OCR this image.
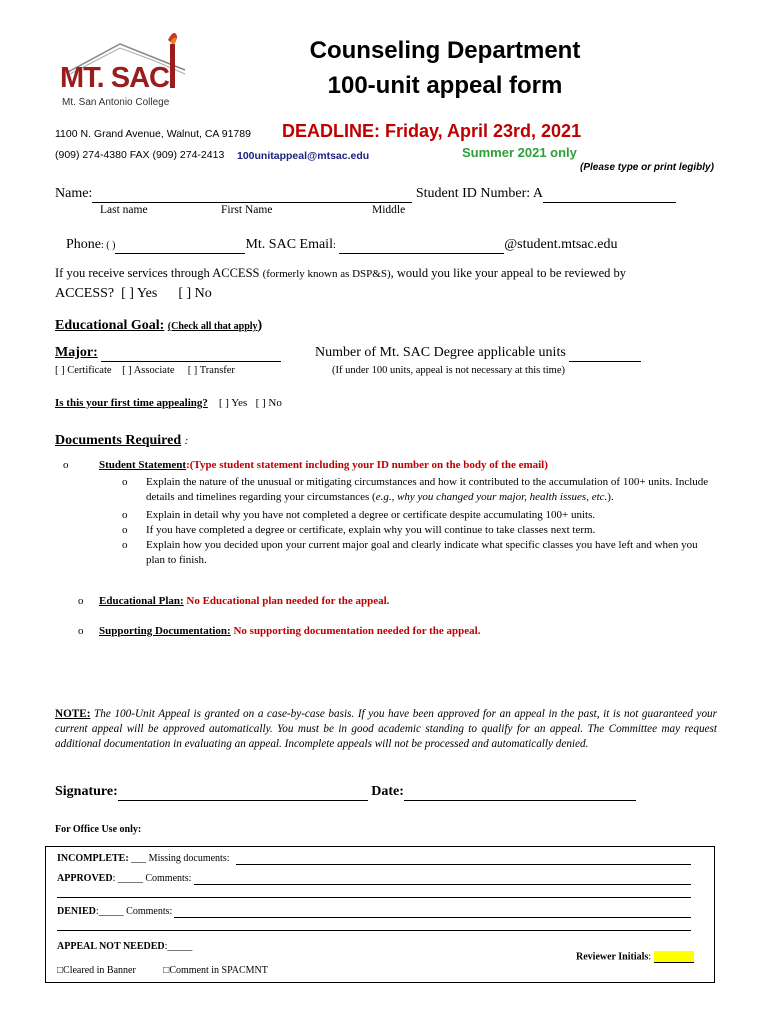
MT. SAC
Mt. San Antonio College
Counseling Department
100-unit appeal form
1100 N. Grand Avenue, Walnut, CA 91789
(909) 274-4380 FAX (909) 274-2413 100unitappeal@mtsac.edu
DEADLINE: Friday, April 23rd, 2021
Summer 2021 only
(Please type or print legibly)
Name:	Student ID Number: A
Last name	First Name	Middle
Phone: ( )	Mt. SAC Email:	@student.mtsac.edu
If you receive services through ACCESS (formerly known as DSP&S), would you like your appeal to be reviewed by
ACCESS? [ ] Yes [ ] No
Educational Goal: (Check all that apply)
Major:	Number of Mt. SAC Degree applicable units
[ ] Certificate [ ] Associate [ ] Transfer	(If under 100 units, appeal is not necessary at this time)
Is this your first time appealing? [ ] Yes [ ] No
Documents Required :
o	Student Statement:(Type student statement including your ID number on the body of the email)
o Explain the nature of the unusual or mitigating circumstances and how it contributed to the accumulation of 100+ units. Include details and timelines regarding your circumstances (e.g., why you changed your major, health issues, etc.).
o Explain in detail why you have not completed a degree or certificate despite accumulating 100+ units.
o If you have completed a degree or certificate, explain why you will continue to take classes next term.
o Explain how you decided upon your current major goal and clearly indicate what specific classes you have left and when you plan to finish.
o Educational Plan: No Educational plan needed for the appeal.
o Supporting Documentation: No supporting documentation needed for the appeal.
NOTE: The 100-Unit Appeal is granted on a case-by-case basis. If you have been approved for an appeal in the past, it is not guaranteed your current appeal will be approved automatically. You must be in good academic standing to qualify for an appeal. The Committee may request additional documentation in evaluating an appeal. Incomplete appeals will not be processed and automatically denied.
Signature:	Date:
For Office Use only:
INCOMPLETE: ___ Missing documents:
APPROVED: _____ Comments:
DENIED:_____ Comments:
APPEAL NOT NEEDED:_____
Reviewer Initials:
□Cleared in Banner	□Comment in SPACMNT
